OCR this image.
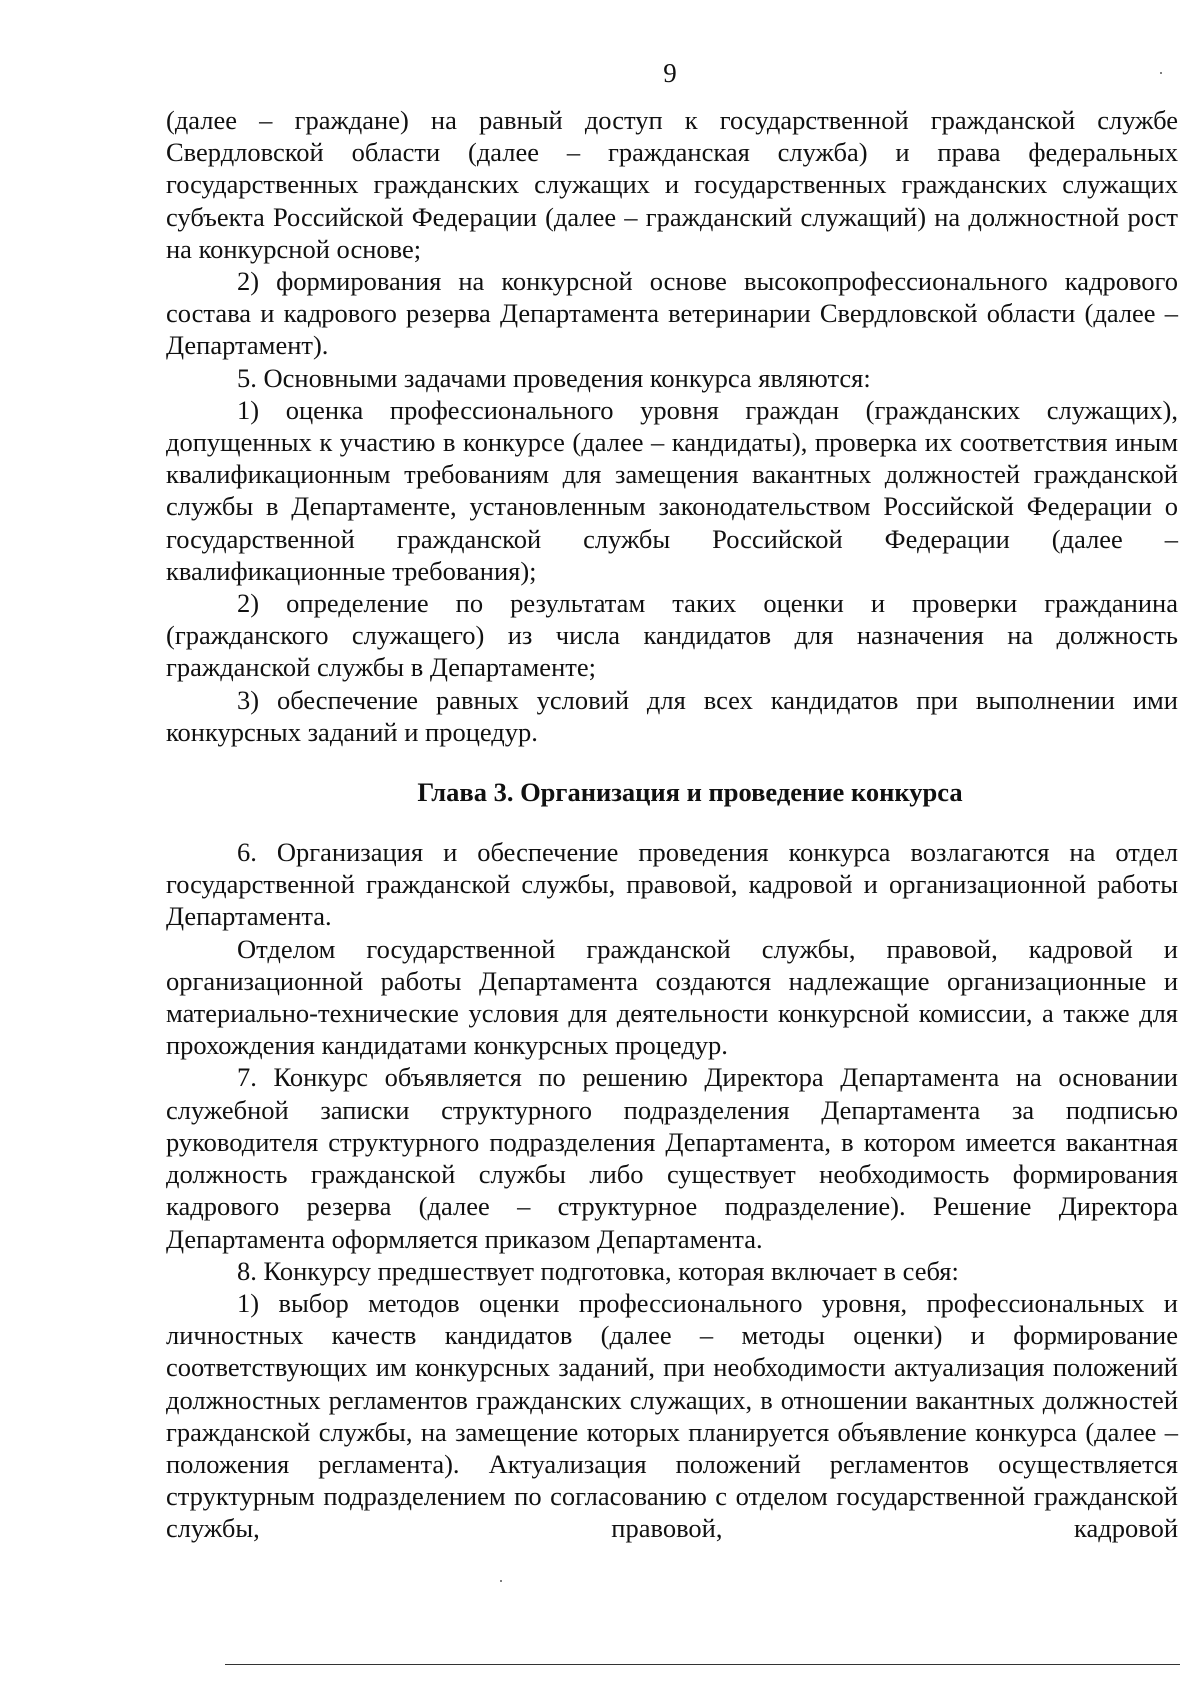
9

(далее – граждане) на равный доступ к государственной гражданской службе Свердловской области (далее – гражданская служба) и права федеральных государственных гражданских служащих и государственных гражданских служащих субъекта Российской Федерации (далее – гражданский служащий) на должностной рост на конкурсной основе;

2) формирования на конкурсной основе высокопрофессионального кадрового состава и кадрового резерва Департамента ветеринарии Свердловской области (далее – Департамент).

5. Основными задачами проведения конкурса являются:

1) оценка профессионального уровня граждан (гражданских служащих), допущенных к участию в конкурсе (далее – кандидаты), проверка их соответствия иным квалификационным требованиям для замещения вакантных должностей гражданской службы в Департаменте, установленным законодательством Российской Федерации о государственной гражданской службы Российской Федерации (далее – квалификационные требования);

2) определение по результатам таких оценки и проверки гражданина (гражданского служащего) из числа кандидатов для назначения на должность гражданской службы в Департаменте;

3) обеспечение равных условий для всех кандидатов при выполнении ими конкурсных заданий и процедур.

Глава 3. Организация и проведение конкурса

6. Организация и обеспечение проведения конкурса возлагаются на отдел государственной гражданской службы, правовой, кадровой и организационной работы Департамента.

Отделом государственной гражданской службы, правовой, кадровой и организационной работы Департамента создаются надлежащие организационные и материально-технические условия для деятельности конкурсной комиссии, а также для прохождения кандидатами конкурсных процедур.

7. Конкурс объявляется по решению Директора Департамента на основании служебной записки структурного подразделения Департамента за подписью руководителя структурного подразделения Департамента, в котором имеется вакантная должность гражданской службы либо существует необходимость формирования кадрового резерва (далее – структурное подразделение). Решение Директора Департамента оформляется приказом Департамента.

8. Конкурсу предшествует подготовка, которая включает в себя:

1) выбор методов оценки профессионального уровня, профессиональных и личностных качеств кандидатов (далее – методы оценки) и формирование соответствующих им конкурсных заданий, при необходимости актуализация положений должностных регламентов гражданских служащих, в отношении вакантных должностей гражданской службы, на замещение которых планируется объявление конкурса (далее – положения регламента). Актуализация положений регламентов осуществляется структурным подразделением по согласованию с отделом государственной гражданской службы, правовой, кадровой
